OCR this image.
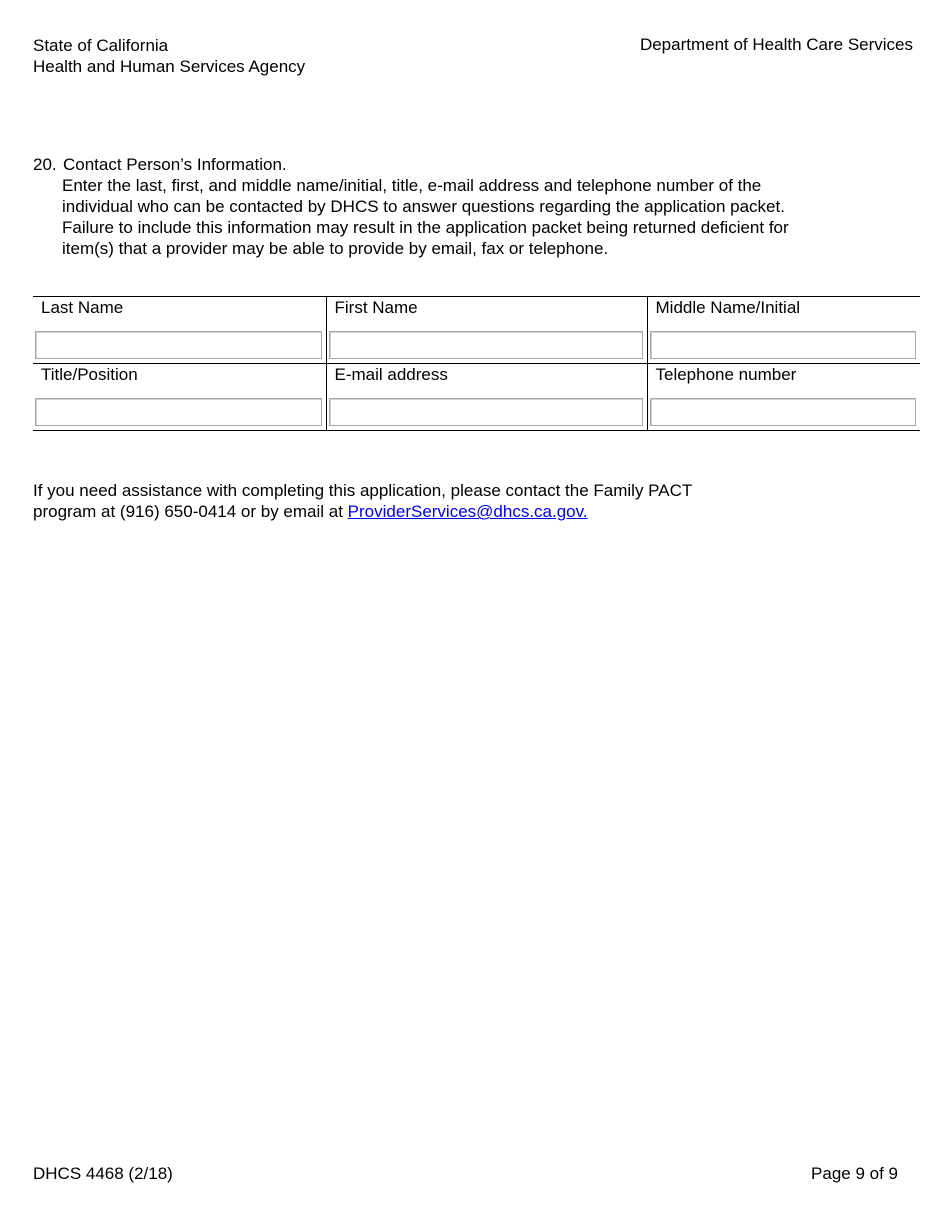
State of California
Health and Human Services Agency
Department of Health Care Services
20. Contact Person’s Information.
Enter the last, first, and middle name/initial, title, e-mail address and telephone number of the
individual who can be contacted by DHCS to answer questions regarding the application packet.
Failure to include this information may result in the application packet being returned deficient for
item(s) that a provider may be able to provide by email, fax or telephone.
Last Name	First Name	Middle Name/Initial

Title/Position	E-mail address	Telephone number
If you need assistance with completing this application, please contact the Family PACT
program at (916) 650-0414 or by email at ProviderServices@dhcs.ca.gov.
DHCS 4468 (2/18)	Page 9 of 9
